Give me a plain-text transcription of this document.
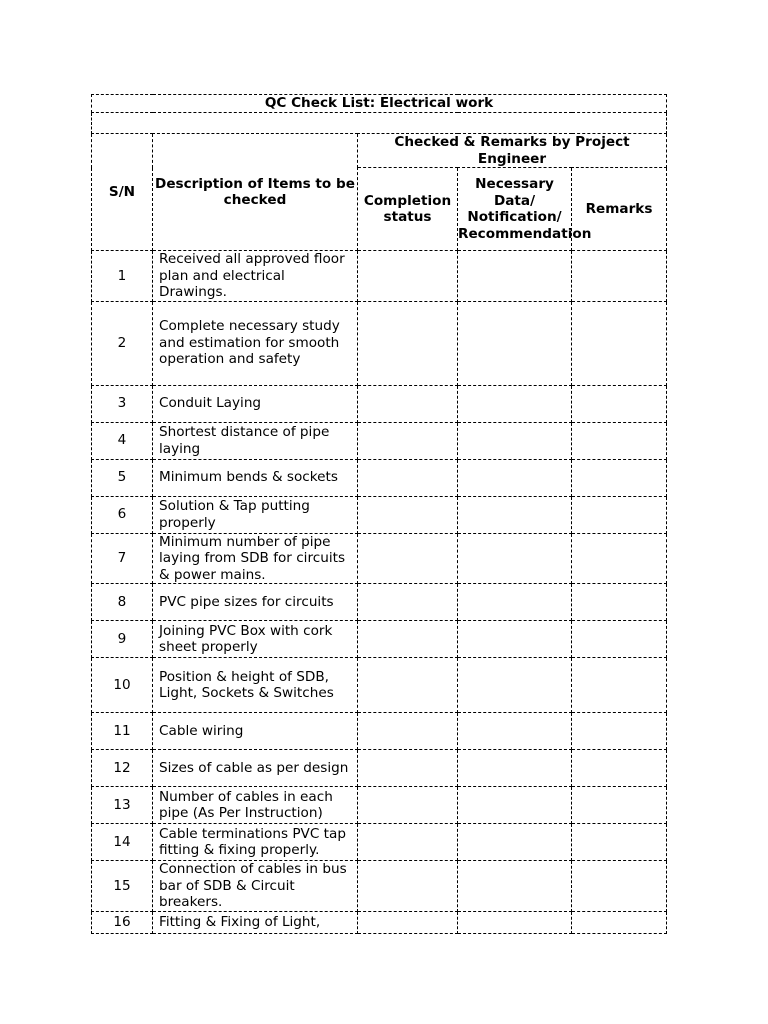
QC Check List: Electrical work				

S/N	Description of Items to be checked	Checked & Remarks by Project Engineer		
		Completion status	Necessary Data/ Notification/ Recommendation	Remarks
1	Received all approved floor plan and electrical Drawings.			
2	Complete necessary study and estimation for smooth operation and safety			
3	Conduit Laying			
4	Shortest distance of pipe laying			
5	Minimum bends & sockets			
6	Solution & Tap putting properly			
7	Minimum number of pipe laying from SDB for circuits & power mains.			
8	PVC pipe sizes for circuits			
9	Joining PVC Box with cork sheet properly			
10	Position & height of SDB, Light, Sockets & Switches			
11	Cable wiring			
12	Sizes of cable as per design			
13	Number of cables in each pipe (As Per Instruction)			
14	Cable terminations PVC tap fitting & fixing properly.			
15	Connection of cables in bus bar of SDB & Circuit breakers.			
16	Fitting & Fixing of Light,			
